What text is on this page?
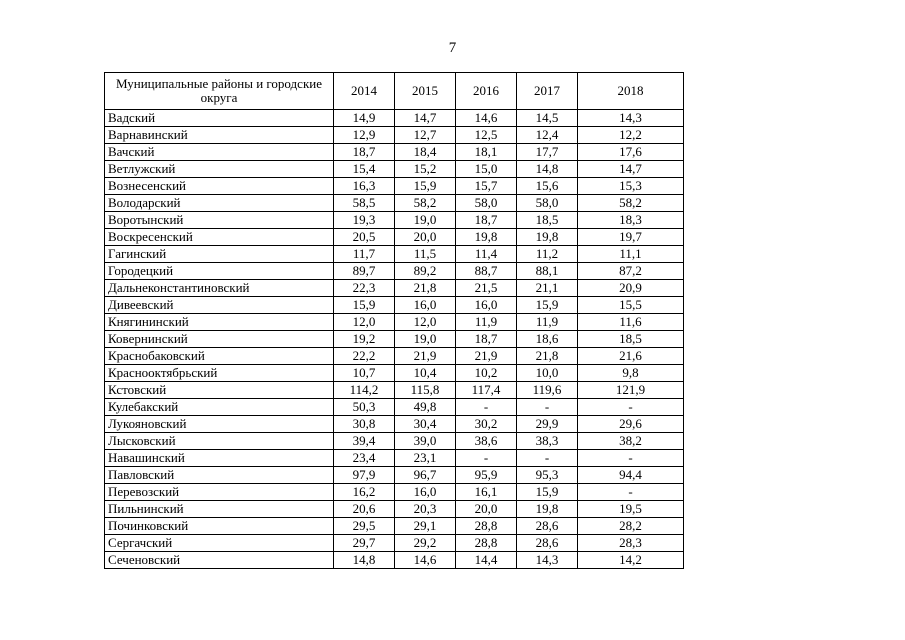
7
Муниципальные районы и городские округа	2014	2015	2016	2017	2018
Вадский	14,9	14,7	14,6	14,5	14,3
Варнавинский	12,9	12,7	12,5	12,4	12,2
Вачский	18,7	18,4	18,1	17,7	17,6
Ветлужский	15,4	15,2	15,0	14,8	14,7
Вознесенский	16,3	15,9	15,7	15,6	15,3
Володарский	58,5	58,2	58,0	58,0	58,2
Воротынский	19,3	19,0	18,7	18,5	18,3
Воскресенский	20,5	20,0	19,8	19,8	19,7
Гагинский	11,7	11,5	11,4	11,2	11,1
Городецкий	89,7	89,2	88,7	88,1	87,2
Дальнеконстантиновский	22,3	21,8	21,5	21,1	20,9
Дивеевский	15,9	16,0	16,0	15,9	15,5
Княгининский	12,0	12,0	11,9	11,9	11,6
Ковернинский	19,2	19,0	18,7	18,6	18,5
Краснобаковский	22,2	21,9	21,9	21,8	21,6
Краснооктябрьский	10,7	10,4	10,2	10,0	9,8
Кстовский	114,2	115,8	117,4	119,6	121,9
Кулебакский	50,3	49,8	-	-	-
Лукояновский	30,8	30,4	30,2	29,9	29,6
Лысковский	39,4	39,0	38,6	38,3	38,2
Навашинский	23,4	23,1	-	-	-
Павловский	97,9	96,7	95,9	95,3	94,4
Перевозский	16,2	16,0	16,1	15,9	-
Пильнинский	20,6	20,3	20,0	19,8	19,5
Починковский	29,5	29,1	28,8	28,6	28,2
Сергачский	29,7	29,2	28,8	28,6	28,3
Сеченовский	14,8	14,6	14,4	14,3	14,2
